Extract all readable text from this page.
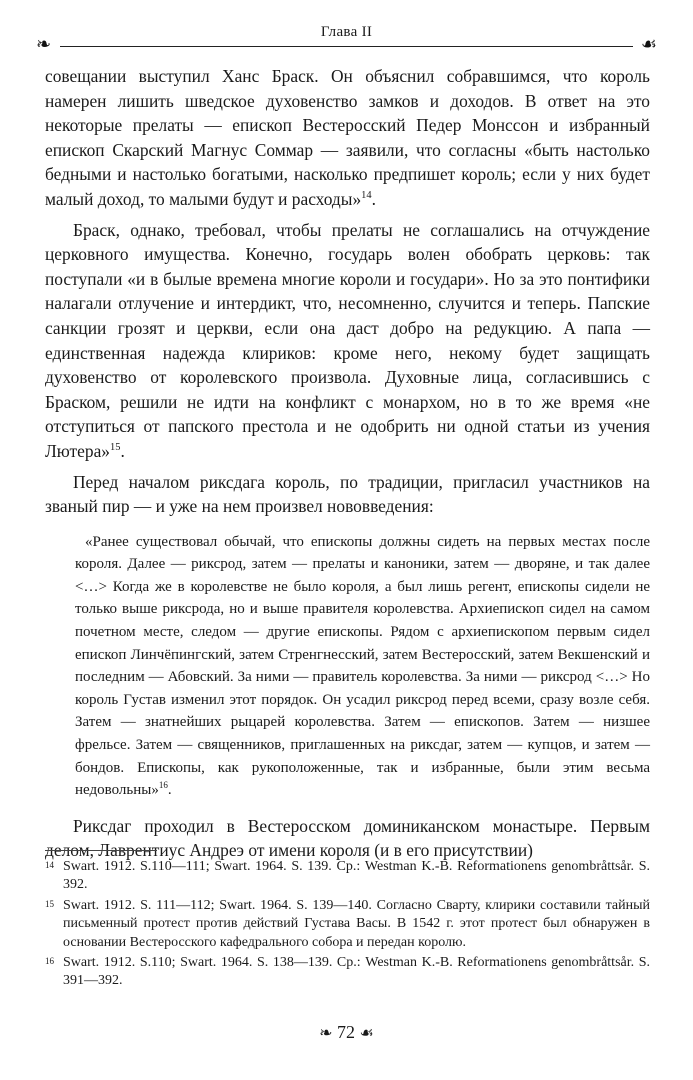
❧
Глава II
☙

совещании выступил Ханс Браск. Он объяснил собравшимся, что король намерен лишить шведское духовенство замков и доходов. В ответ на это некоторые прелаты — епископ Вестеросский Педер Монссон и избранный епископ Скарский Магнус Соммар — заявили, что согласны «быть настолько бедными и настолько богатыми, насколько предпишет король; если у них будет малый доход, то малыми будут и расходы»$^{14}$.

Браск, однако, требовал, чтобы прелаты не соглашались на отчуждение церковного имущества. Конечно, государь волен обобрать церковь: так поступали «и в былые времена многие короли и государи». Но за это понтифики налагали отлучение и интердикт, что, несомненно, случится и теперь. Папские санкции грозят и церкви, если она даст добро на редукцию. А папа — единственная надежда клириков: кроме него, некому будет защищать духовенство от королевского произвола. Духовные лица, согласившись с Браском, решили не идти на конфликт с монархом, но в то же время «не отступиться от папского престола и не одобрить ни одной статьи из учения Лютера»$^{15}$.

Перед началом риксдага король, по традиции, пригласил участников на званый пир — и уже на нем произвел нововведения:

«Ранее существовал обычай, что епископы должны сидеть на первых местах после короля. Далее — риксрод, затем — прелаты и каноники, затем — дворяне, и так далее <…> Когда же в королевстве не было короля, а был лишь регент, епископы сидели не только выше риксрода, но и выше правителя королевства. Архиепископ сидел на самом почетном месте, следом — другие епископы. Рядом с архиепископом первым сидел епископ Линчёпингский, затем Стренгнесский, затем Вестеросский, затем Векшенский и последним — Абовский. За ними — правитель королевства. За ними — риксрод <…> Но король Густав изменил этот порядок. Он усадил риксрод перед всеми, сразу возле себя. Затем — знатнейших рыцарей королевства. Затем — епископов. Затем — низшее фрельсе. Затем — священников, приглашенных на риксдаг, затем — купцов, и затем — бондов. Епископы, как рукоположенные, так и избранные, были этим весьма недовольны»$^{16}$.

Риксдаг проходил в Вестеросском доминиканском монастыре. Первым делом, Лаврентиус Андреэ от имени короля (и в его присутствии)

14 Swart. 1912. S.110—111; Swart. 1964. S. 139. Ср.: Westman K.-B. Reformationens genombråttsår. S. 392.
15 Swart. 1912. S. 111—112; Swart. 1964. S. 139—140. Согласно Сварту, клирики составили тайный письменный протест против действий Густава Васы. В 1542 г. этот протест был обнаружен в основании Вестеросского кафедрального собора и передан королю.
16 Swart. 1912. S.110; Swart. 1964. S. 138—139. Ср.: Westman K.-B. Reformationens genombråttsår. S. 391—392.
❧ 72 ☙
